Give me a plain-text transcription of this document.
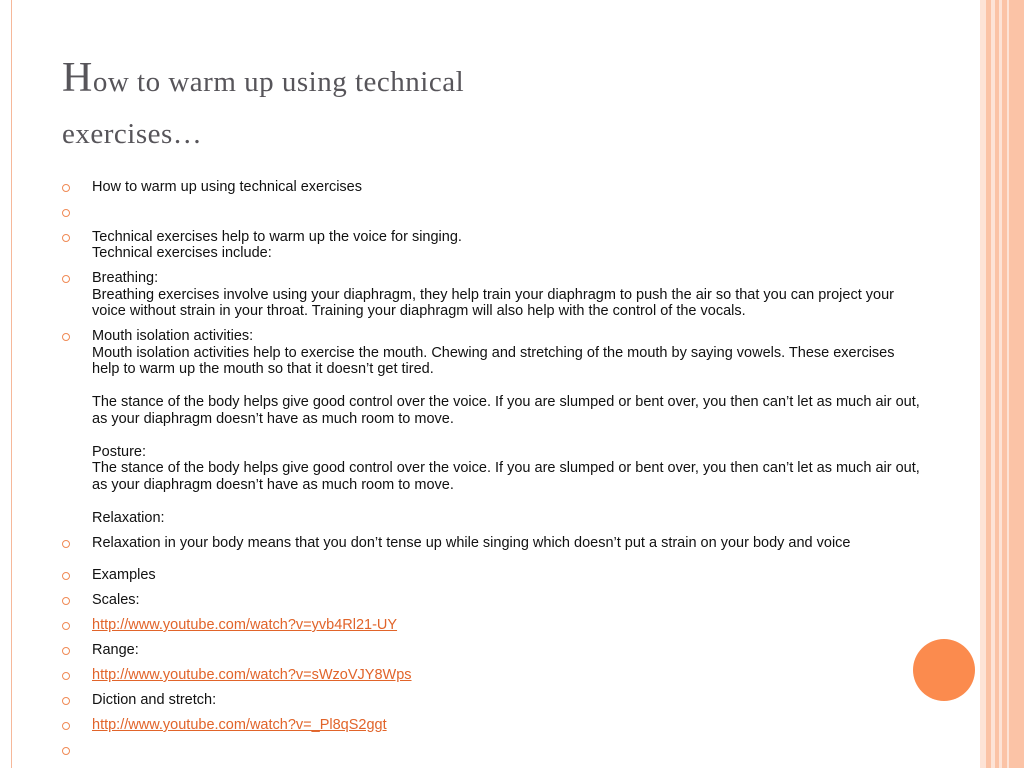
How to warm up using technical
exercises…
How to warm up using technical exercises

Technical exercises help to warm up the voice for singing.

Technical exercises include:

Breathing:

Breathing exercises involve using your diaphragm, they help train your diaphragm to push the air so that you can project your voice without strain in your throat. Training your diaphragm will also help with the control of the vocals.

Mouth isolation activities:

Mouth isolation activities help to exercise the mouth. Chewing and stretching of the mouth by saying vowels. These exercises help to warm up the mouth so that it doesn’t get tired.

The stance of the body helps give good control over the voice. If you are slumped or bent over, you then can’t let as much air out, as your diaphragm doesn’t have as much room to move.

Posture:

The stance of the body helps give good control over the voice. If you are slumped or bent over, you then can’t let as much air out, as your diaphragm doesn’t have as much room to move.

Relaxation:

Relaxation in your body means that you don’t tense up while singing which doesn’t put a strain on your body and voice
Examples
Scales:
http://www.youtube.com/watch?v=yvb4Rl21-UY
Range:
http://www.youtube.com/watch?v=sWzoVJY8Wps
Diction and stretch:
http://www.youtube.com/watch?v=_Pl8qS2ggt
